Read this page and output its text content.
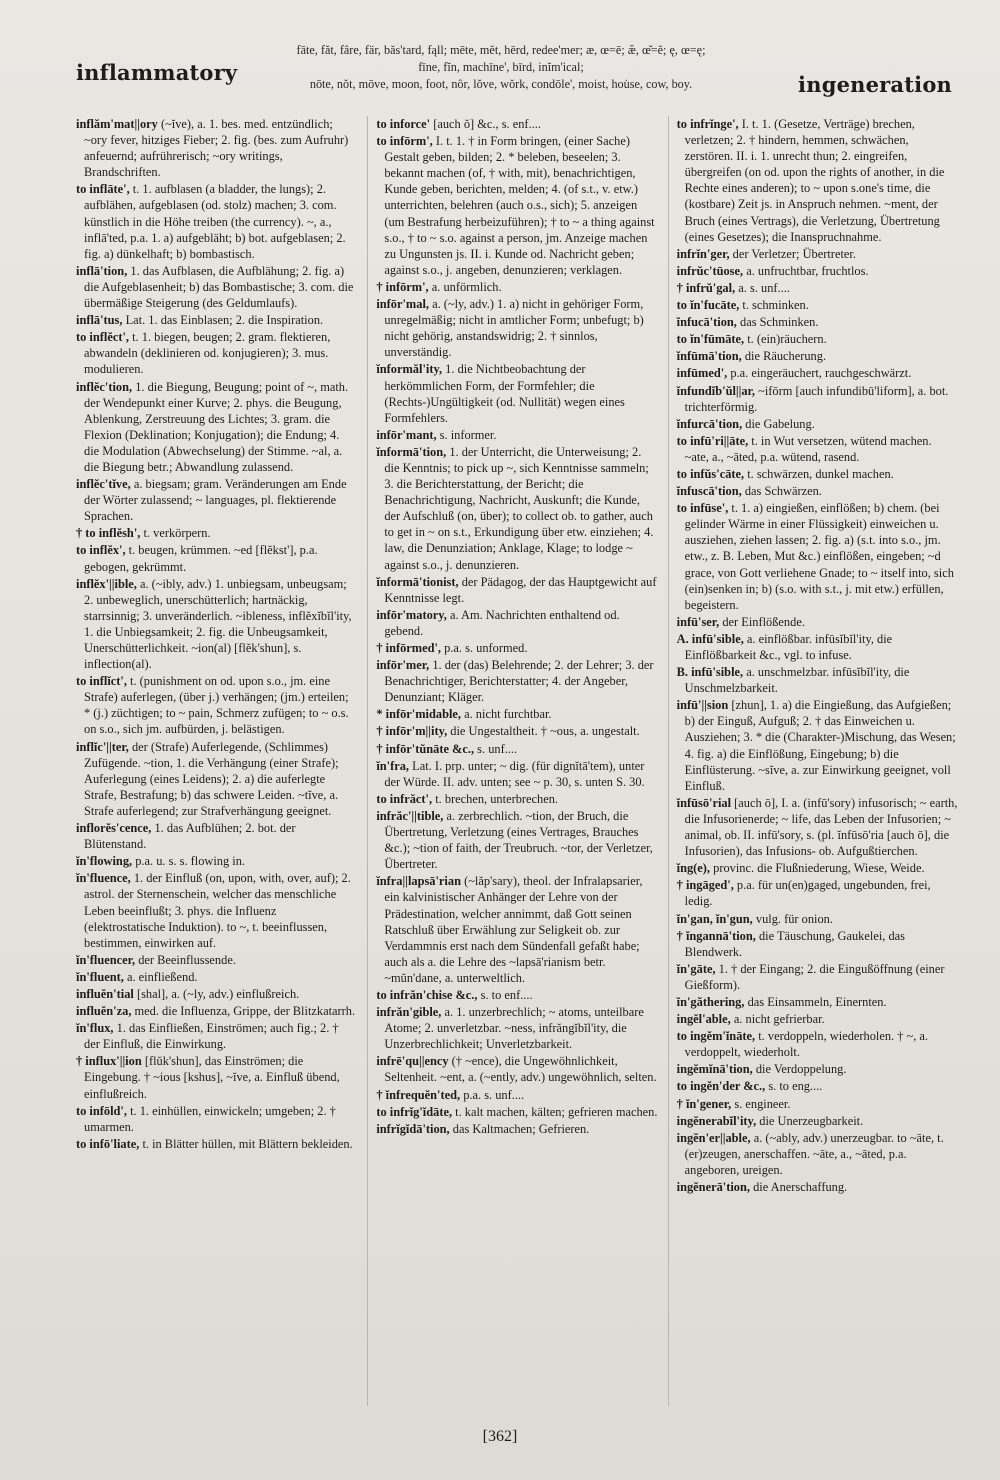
inflammatory
fāte, făt, fâre, fär, băs'tard, fąll; mēte, mĕt, hērd, redee'mer; æ, œ=ē; æ̆, œ̆=ĕ; ę, œ=ę;
fīne, fĭn, machīne', bīrd, inĭm'ical;
nōte, nŏt, mōve, moon, foot, nôr, lŏve, wŏrk, condōle', moist, hou̇se, cow, boy.	ingeneration
inflăm'mat||ory (~ĭve), a. 1. bes. med. entzündlich; ~ory fever, hitziges Fieber; 2. fig. (bes. zum Aufruhr) anfeuernd; aufrührerisch; ~ory writings, Brandschriften.
to inflāte', t. 1. aufblasen (a bladder, the lungs); 2. aufblähen, aufgeblasen (od. stolz) machen; 3. com. künstlich in die Höhe treiben (the currency). ~, a., inflā'ted, p.a. 1. a) aufgebläht; b) bot. aufgeblasen; 2. fig. a) dünkelhaft; b) bombastisch.
inflā'tion, 1. das Aufblasen, die Aufblähung; 2. fig. a) die Aufgeblasenheit; b) das Bombastische; 3. com. die übermäßige Steigerung (des Geldumlaufs).
inflā'tus, Lat. 1. das Einblasen; 2. die Inspiration.
to inflĕct', t. 1. biegen, beugen; 2. gram. flektieren, abwandeln (deklinieren od. konjugieren); 3. mus. modulieren.
inflĕc'tion, 1. die Biegung, Beugung; point of ~, math. der Wendepunkt einer Kurve; 2. phys. die Beugung, Ablenkung, Zerstreuung des Lichtes; 3. gram. die Flexion (Deklination; Konjugation); die Endung; 4. die Modulation (Abwechselung) der Stimme. ~al, a. die Biegung betr.; Abwandlung zulassend.
inflĕc'tĭve, a. biegsam; gram. Veränderungen am Ende der Wörter zulassend; ~ languages, pl. flektierende Sprachen.
† to inflĕsh', t. verkörpern.
to inflĕx', t. beugen, krümmen. ~ed [flĕkst'], p.a. gebogen, gekrümmt.
inflĕx'||ible, a. (~ibly, adv.) 1. unbiegsam, unbeugsam; 2. unbeweglich, unerschütterlich; hartnäckig, starrsinnig; 3. unveränderlich. ~ibleness, inflĕxĭbĭl'ity, 1. die Unbiegsamkeit; 2. fig. die Unbeugsamkeit, Unerschütterlichkeit. ~ion(al) [flĕk'shun], s. inflection(al).
to inflĭct', t. (punishment on od. upon s.o., jm. eine Strafe) auferlegen, (über j.) verhängen; (jm.) erteilen; * (j.) züchtigen; to ~ pain, Schmerz zufügen; to ~ o.s. on s.o., sich jm. aufbürden, j. belästigen.
inflĭc'||ter, der (Strafe) Auferlegende, (Schlimmes) Zufügende. ~tion, 1. die Verhängung (einer Strafe); Auferlegung (eines Leidens); 2. a) die auferlegte Strafe, Bestrafung; b) das schwere Leiden. ~tĭve, a. Strafe auferlegend; zur Strafverhängung geeignet.
inflorĕs'cence, 1. das Aufblühen; 2. bot. der Blütenstand.
ĭn'flowing, p.a. u. s. s. flowing in.
ĭn'fluence, 1. der Einfluß (on, upon, with, over, auf); 2. astrol. der Sternenschein, welcher das menschliche Leben beeinflußt; 3. phys. die Influenz (elektrostatische Induktion). to ~, t. beeinflussen, bestimmen, einwirken auf.
ĭn'fluencer, der Beeinflussende.
ĭn'fluent, a. einfließend.
influĕn'tial [shal], a. (~ly, adv.) einflußreich.
influĕn'za, med. die Influenza, Grippe, der Blitzkatarrh.
ĭn'flux, 1. das Einfließen, Einströmen; auch fig.; 2. † der Einfluß, die Einwirkung.
† influx'||ion [flŭk'shun], das Einströmen; die Eingebung. † ~ious [kshus], ~ĭve, a. Einfluß übend, einflußreich.
to infōld', t. 1. einhüllen, einwickeln; umgeben; 2. † umarmen.
to infō'liate, t. in Blätter hüllen, mit Blättern bekleiden.
to inforce' [auch ŏ] &c., s. enf....
to infōrm', I. t. 1. † in Form bringen, (einer Sache) Gestalt geben, bilden; 2. * beleben, beseelen; 3. bekannt machen (of, † with, mit), benachrichtigen, Kunde geben, berichten, melden; 4. (of s.t., v. etw.) unterrichten, belehren (auch o.s., sich); 5. anzeigen (um Bestrafung herbeizuführen); † to ~ a thing against s.o., † to ~ s.o. against a person, jm. Anzeige machen zu Ungunsten js. II. i. Kunde od. Nachricht geben; against s.o., j. angeben, denunzieren; verklagen.
† infōrm', a. unförmlich.
infōr'mal, a. (~ly, adv.) 1. a) nicht in gehöriger Form, unregelmäßig; nicht in amtlicher Form; unbefugt; b) nicht gehörig, anstandswidrig; 2. † sinnlos, unverständig.
ĭnformăl'ity, 1. die Nichtbeobachtung der herkömmlichen Form, der Formfehler; die (Rechts-)Ungültigkeit (od. Nullität) wegen eines Formfehlers.
infōr'mant, s. informer.
ĭnformā'tion, 1. der Unterricht, die Unterweisung; 2. die Kenntnis; to pick up ~, sich Kenntnisse sammeln; 3. die Berichterstattung, der Bericht; die Benachrichtigung, Nachricht, Auskunft; die Kunde, der Aufschluß (on, über); to collect ob. to gather, auch to get in ~ on s.t., Erkundigung über etw. einziehen; 4. law, die Denunziation; Anklage, Klage; to lodge ~ against s.o., j. denunzieren.
ĭnformā'tionist, der Pädagog, der das Hauptgewicht auf Kenntnisse legt.
infōr'matory, a. Am. Nachrichten enthaltend od. gebend.
† infōrmed', p.a. s. unformed.
infōr'mer, 1. der (das) Belehrende; 2. der Lehrer; 3. der Benachrichtiger, Berichterstatter; 4. der Angeber, Denunziant; Kläger.
* infōr'midable, a. nicht furchtbar.
† infōr'm||ity, die Ungestaltheit. † ~ous, a. ungestalt.
† infōr'tŭnāte &c., s. unf....
ĭn'fra, Lat. I. prp. unter; ~ dig. (für dignĭtā'tem), unter der Würde. II. adv. unten; see ~ p. 30, s. unten S. 30.
to infrăct', t. brechen, unterbrechen.
infrăc'||tible, a. zerbrechlich. ~tion, der Bruch, die Übertretung, Verletzung (eines Vertrages, Brauches &c.); ~tion of faith, der Treubruch. ~tor, der Verletzer, Übertreter.
ĭnfra||lapsā'rian (~lăp'sary), theol. der Infralapsarier, ein kalvinistischer Anhänger der Lehre von der Prädestination, welcher annimmt, daß Gott seinen Ratschluß über Erwählung zur Seligkeit ob. zur Verdammnis erst nach dem Sündenfall gefaßt habe; auch als a. die Lehre des ~lapsā'rianism betr. ~mŭn'dane, a. unterweltlich.
to infrăn'chise &c., s. to enf....
infrăn'gible, a. 1. unzerbrechlich; ~ atoms, unteilbare Atome; 2. unverletzbar. ~ness, infrăngĭbĭl'ity, die Unzerbrechlichkeit; Unverletzbarkeit.
infrē'qu||ency († ~ence), die Ungewöhnlichkeit, Seltenheit. ~ent, a. (~ently, adv.) ungewöhnlich, selten.
† ĭnfrequĕn'ted, p.a. s. unf....
to infrĭg'ĭdāte, t. kalt machen, kälten; gefrieren machen.
infrĭgĭdā'tion, das Kaltmachen; Gefrieren.
to infrĭnge', I. t. 1. (Gesetze, Verträge) brechen, verletzen; 2. † hindern, hemmen, schwächen, zerstören. II. i. 1. unrecht thun; 2. eingreifen, übergreifen (on od. upon the rights of another, in die Rechte eines anderen); to ~ upon s.one's time, die (kostbare) Zeit js. in Anspruch nehmen. ~ment, der Bruch (eines Vertrags), die Verletzung, Übertretung (eines Gesetzes); die Inanspruchnahme.
infrĭn'ger, der Verletzer; Übertreter.
infrŭc'tūose, a. unfruchtbar, fruchtlos.
† infrŭ'gal, a. s. unf....
to ĭn'fucāte, t. schminken.
ĭnfucā'tion, das Schminken.
to ĭn'fūmāte, t. (ein)räuchern.
ĭnfūmā'tion, die Räucherung.
infūmed', p.a. eingeräuchert, rauchgeschwärzt.
ĭnfundĭb'ŭl||ar, ~ifōrm [auch infundibū'liform], a. bot. trichterförmig.
ĭnfurcā'tion, die Gabelung.
to infū'ri||āte, t. in Wut versetzen, wütend machen. ~ate, a., ~āted, p.a. wütend, rasend.
to infŭs'cāte, t. schwärzen, dunkel machen.
ĭnfuscā'tion, das Schwärzen.
to infūse', t. 1. a) eingießen, einflößen; b) chem. (bei gelinder Wärme in einer Flüssigkeit) einweichen u. ausziehen, ziehen lassen; 2. fig. a) (s.t. into s.o., jm. etw., z. B. Leben, Mut &c.) einflößen, eingeben; ~d grace, von Gott verliehene Gnade; to ~ itself into, sich (ein)senken in; b) (s.o. with s.t., j. mit etw.) erfüllen, begeistern.
infū'ser, der Einflößende.
A. infū'sible, a. einflößbar. infūsĭbĭl'ity, die Einflößbarkeit &c., vgl. to infuse.
B. infū'sible, a. unschmelzbar. infūsĭbĭl'ity, die Unschmelzbarkeit.
infū'||sion [zhun], 1. a) die Eingießung, das Aufgießen; b) der Einguß, Aufguß; 2. † das Einweichen u. Ausziehen; 3. * die (Charakter-)Mischung, das Wesen; 4. fig. a) die Einflößung, Eingebung; b) die Einflüsterung. ~sĭve, a. zur Einwirkung geeignet, voll Einfluß.
ĭnfūsō'rial [auch ō], I. a. (infū'sory) infusorisch; ~ earth, die Infusorienerde; ~ life, das Leben der Infusorien; ~ animal, ob. II. infū'sory, s. (pl. ĭnfūsō'ria [auch ō], die Infusorien), das Infusions- ob. Aufgußtierchen.
ĭng(e), provinc. die Flußniederung, Wiese, Weide.
† ingāged', p.a. für un(en)gaged, ungebunden, frei, ledig.
ĭn'gan, ĭn'gun, vulg. für onion.
† ĭngannā'tion, die Täuschung, Gaukelei, das Blendwerk.
ĭn'gāte, 1. † der Eingang; 2. die Eingußöffnung (einer Gießform).
ĭn'găthering, das Einsammeln, Einernten.
ingĕl'able, a. nicht gefrierbar.
to ingĕm'ĭnāte, t. verdoppeln, wiederholen. † ~, a. verdoppelt, wiederholt.
ingĕmĭnā'tion, die Verdoppelung.
to ingĕn'der &c., s. to eng....
† ĭn'gener, s. engineer.
ingĕnerabĭl'ity, die Unerzeugbarkeit.
ingĕn'er||able, a. (~ably, adv.) unerzeugbar. to ~āte, t. (er)zeugen, anerschaffen. ~āte, a., ~āted, p.a. angeboren, ureigen.
ingĕnerā'tion, die Anerschaffung.
[362]
